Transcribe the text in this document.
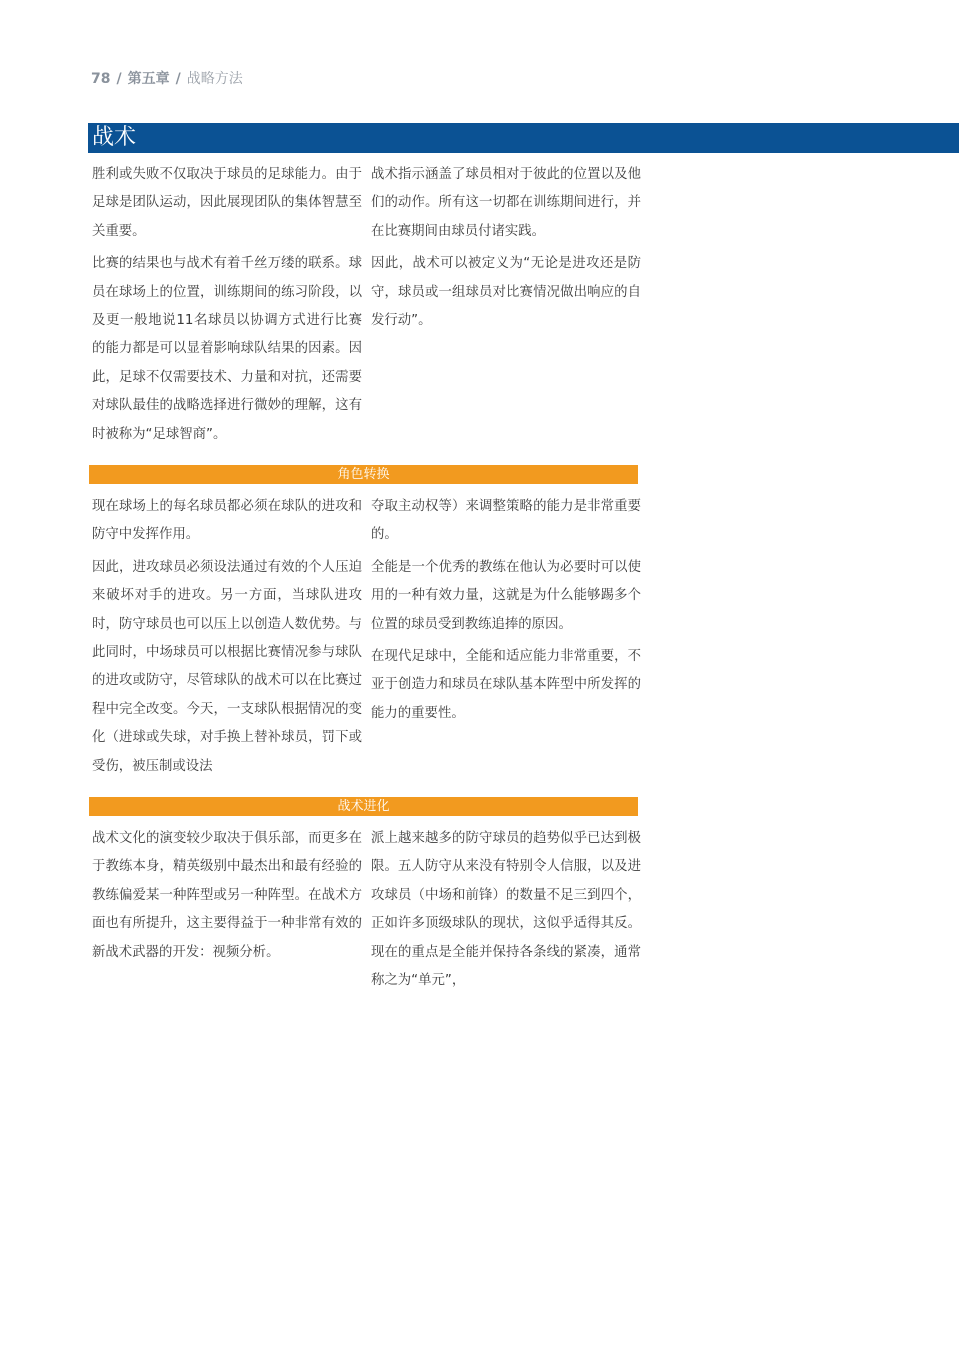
78 / 第五章 / 战略方法
战术

胜利或失败不仅取决于球员的足球能力。由于足球是团队运动，因此展现团队的集体智慧至关重要。

比赛的结果也与战术有着千丝万缕的联系。球员在球场上的位置，训练期间的练习阶段，以及更一般地说11名球员以协调方式进行比赛的能力都是可以显着影响球队结果的因素。因此，足球不仅需要技术、力量和对抗，还需要对球队最佳的战略选择进行微妙的理解，这有时被称为“足球智商”。

战术指示涵盖了球员相对于彼此的位置以及他们的动作。所有这一切都在训练期间进行，并在比赛期间由球员付诸实践。

因此，战术可以被定义为“无论是进攻还是防守，球员或一组球员对比赛情况做出响应的自发行动”。

角色转换

现在球场上的每名球员都必须在球队的进攻和防守中发挥作用。

因此，进攻球员必须设法通过有效的个人压迫来破坏对手的进攻。另一方面，当球队进攻时，防守球员也可以压上以创造人数优势。与此同时，中场球员可以根据比赛情况参与球队的进攻或防守，尽管球队的战术可以在比赛过程中完全改变。今天，一支球队根据情况的变化（进球或失球，对手换上替补球员，罚下或受伤，被压制或设法

夺取主动权等）来调整策略的能力是非常重要的。

全能是一个优秀的教练在他认为必要时可以使用的一种有效力量，这就是为什么能够踢多个位置的球员受到教练追捧的原因。

在现代足球中，全能和适应能力非常重要，不亚于创造力和球员在球队基本阵型中所发挥的能力的重要性。

战术进化

战术文化的演变较少取决于俱乐部，而更多在于教练本身，精英级别中最杰出和最有经验的教练偏爱某一种阵型或另一种阵型。在战术方面也有所提升，这主要得益于一种非常有效的新战术武器的开发：视频分析。

派上越来越多的防守球员的趋势似乎已达到极限。五人防守从来没有特别令人信服，以及进攻球员（中场和前锋）的数量不足三到四个，正如许多顶级球队的现状，这似乎适得其反。现在的重点是全能并保持各条线的紧凑，通常称之为“单元”，
